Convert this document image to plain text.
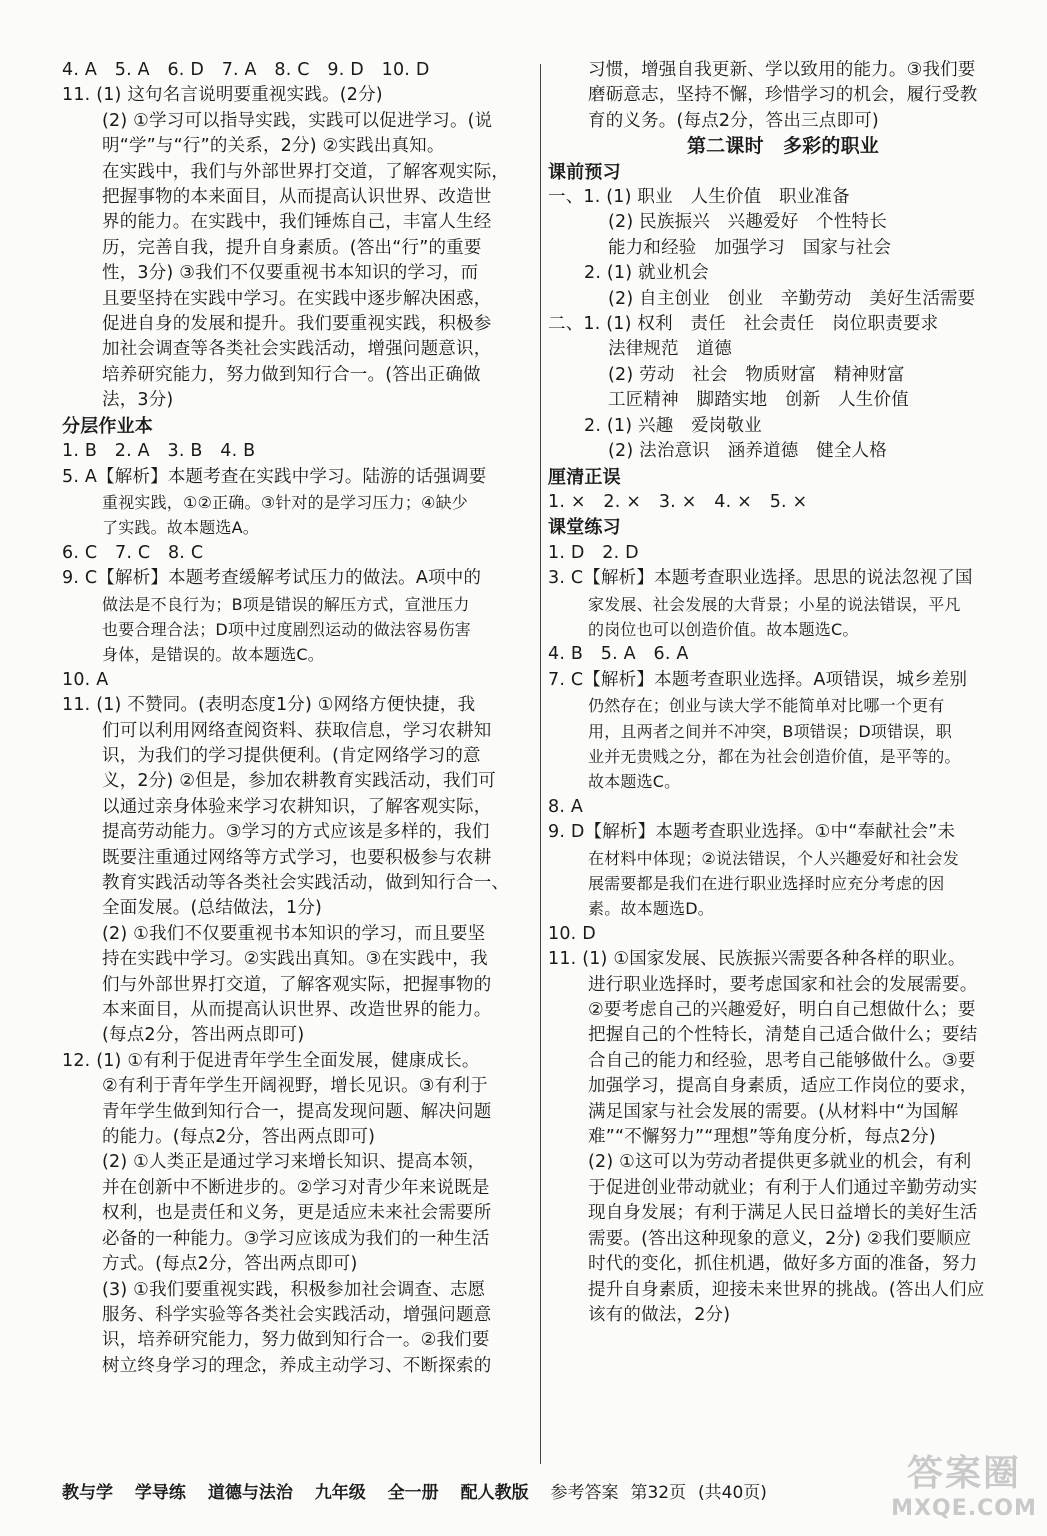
4. A　5. A　6. D　7. A　8. C　9. D　10. D
11. (1) 这句名言说明要重视实践。(2分)
(2) ①学习可以指导实践，实践可以促进学习。(说
明“学”与“行”的关系，2分) ②实践出真知。
在实践中，我们与外部世界打交道，了解客观实际，
把握事物的本来面目，从而提高认识世界、改造世
界的能力。在实践中，我们锤炼自己，丰富人生经
历，完善自我，提升自身素质。(答出“行”的重要
性，3分) ③我们不仅要重视书本知识的学习，而
且要坚持在实践中学习。在实践中逐步解决困惑，
促进自身的发展和提升。我们要重视实践，积极参
加社会调查等各类社会实践活动，增强问题意识，
培养研究能力，努力做到知行合一。(答出正确做
法，3分)
分层作业本
1. B　2. A　3. B　4. B
5. A【解析】本题考查在实践中学习。陆游的话强调要
重视实践，①②正确。③针对的是学习压力；④缺少
了实践。故本题选A。
6. C　7. C　8. C
9. C【解析】本题考查缓解考试压力的做法。A项中的
做法是不良行为；B项是错误的解压方式，宣泄压力
也要合理合法；D项中过度剧烈运动的做法容易伤害
身体，是错误的。故本题选C。
10. A
11. (1) 不赞同。(表明态度1分) ①网络方便快捷，我
们可以利用网络查阅资料、获取信息，学习农耕知
识，为我们的学习提供便利。(肯定网络学习的意
义，2分) ②但是，参加农耕教育实践活动，我们可
以通过亲身体验来学习农耕知识，了解客观实际，
提高劳动能力。③学习的方式应该是多样的，我们
既要注重通过网络等方式学习，也要积极参与农耕
教育实践活动等各类社会实践活动，做到知行合一、
全面发展。(总结做法，1分)
(2) ①我们不仅要重视书本知识的学习，而且要坚
持在实践中学习。②实践出真知。③在实践中，我
们与外部世界打交道，了解客观实际，把握事物的
本来面目，从而提高认识世界、改造世界的能力。
(每点2分，答出两点即可)
12. (1) ①有利于促进青年学生全面发展，健康成长。
②有利于青年学生开阔视野，增长见识。③有利于
青年学生做到知行合一，提高发现问题、解决问题
的能力。(每点2分，答出两点即可)
(2) ①人类正是通过学习来增长知识、提高本领，
并在创新中不断进步的。②学习对青少年来说既是
权利，也是责任和义务，更是适应未来社会需要所
必备的一种能力。③学习应该成为我们的一种生活
方式。(每点2分，答出两点即可)
(3) ①我们要重视实践，积极参加社会调查、志愿
服务、科学实验等各类社会实践活动，增强问题意
识，培养研究能力，努力做到知行合一。②我们要
树立终身学习的理念，养成主动学习、不断探索的
习惯，增强自我更新、学以致用的能力。③我们要
磨砺意志，坚持不懈，珍惜学习的机会，履行受教
育的义务。(每点2分，答出三点即可)
第二课时　多彩的职业
课前预习
一、1. (1) 职业　人生价值　职业准备
(2) 民族振兴　兴趣爱好　个性特长
能力和经验　加强学习　国家与社会
2. (1) 就业机会
(2) 自主创业　创业　辛勤劳动　美好生活需要
二、1. (1) 权利　责任　社会责任　岗位职责要求
法律规范　道德
(2) 劳动　社会　物质财富　精神财富
工匠精神　脚踏实地　创新　人生价值
2. (1) 兴趣　爱岗敬业
(2) 法治意识　涵养道德　健全人格
厘清正误
1. ×　2. ×　3. ×　4. ×　5. ×
课堂练习
1. D　2. D
3. C【解析】本题考查职业选择。思思的说法忽视了国
家发展、社会发展的大背景；小星的说法错误，平凡
的岗位也可以创造价值。故本题选C。
4. B　5. A　6. A
7. C【解析】本题考查职业选择。A项错误，城乡差别
仍然存在；创业与读大学不能简单对比哪一个更有
用，且两者之间并不冲突，B项错误；D项错误，职
业并无贵贱之分，都在为社会创造价值，是平等的。
故本题选C。
8. A
9. D【解析】本题考查职业选择。①中“奉献社会”未
在材料中体现；②说法错误，个人兴趣爱好和社会发
展需要都是我们在进行职业选择时应充分考虑的因
素。故本题选D。
10. D
11. (1) ①国家发展、民族振兴需要各种各样的职业。
进行职业选择时，要考虑国家和社会的发展需要。
②要考虑自己的兴趣爱好，明白自己想做什么；要
把握自己的个性特长，清楚自己适合做什么；要结
合自己的能力和经验，思考自己能够做什么。③要
加强学习，提高自身素质，适应工作岗位的要求，
满足国家与社会发展的需要。(从材料中“为国解
难”“不懈努力”“理想”等角度分析，每点2分)
(2) ①这可以为劳动者提供更多就业的机会，有利
于促进创业带动就业；有利于人们通过辛勤劳动实
现自身发展；有利于满足人民日益增长的美好生活
需要。(答出这种现象的意义，2分) ②我们要顺应
时代的变化，抓住机遇，做好多方面的准备，努力
提升自身素质，迎接未来世界的挑战。(答出人们应
该有的做法，2分)
教与学 学导练 道德与法治 九年级 全一册 配人教版 参考答案 第32页 (共40页)	答案圈
MXQE.COM
